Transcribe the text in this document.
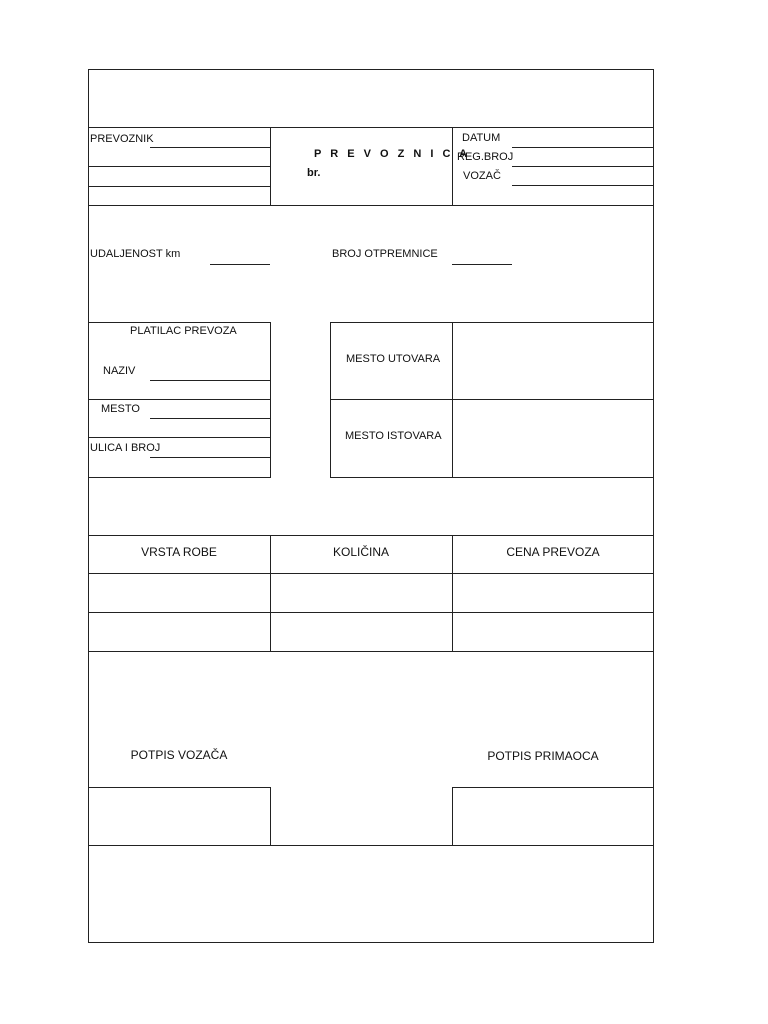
PREVOZNIK
P R E V O Z N I C A
br.
DATUM
REG.BROJ
VOZAČ
UDALJENOST km	BROJ OTPREMNICE
PLATILAC PREVOZA
NAZIV
MESTO
ULICA I BROJ
MESTO UTOVARA
MESTO ISTOVARA
VRSTA ROBE	KOLIČINA	CENA PREVOZA
POTPIS VOZAČA	POTPIS PRIMAOCA
